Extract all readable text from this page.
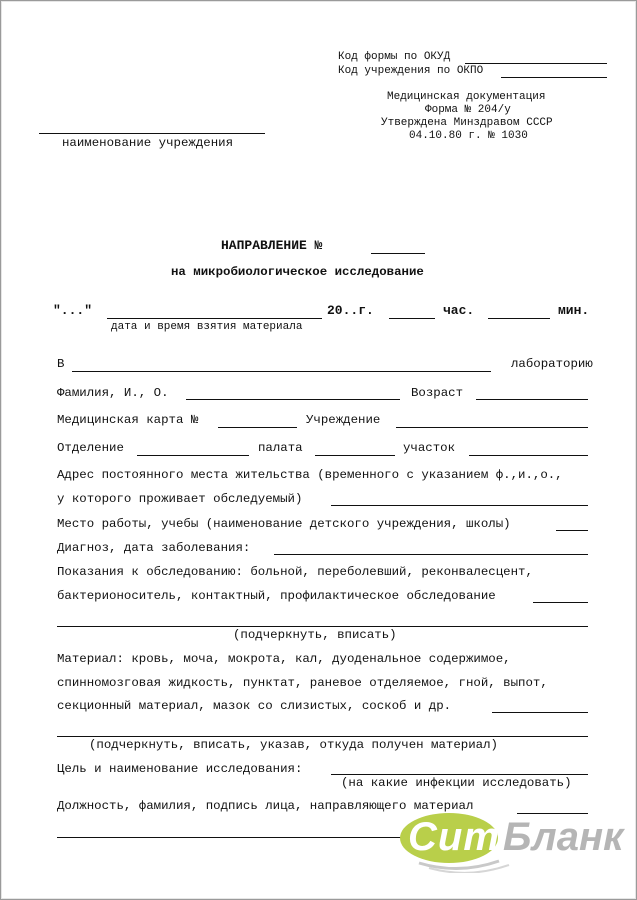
Код формы по ОКУД
Код учреждения по ОКПО
Медицинская документация
Форма № 204/у
Утверждена Минздравом СССР
04.10.80 г. № 1030
наименование учреждения
НАПРАВЛЕНИЕ №
на микробиологическое исследование
"..."	20..г.	час.	мин.
дата и время взятия материала
В	лабораторию
Фамилия, И., О.	Возраст
Медицинская карта №	Учреждение
Отделение	палата	участок
Адрес постоянного места жительства (временного с указанием ф.,и.,о.,
у которого проживает обследуемый)
Место работы, учебы (наименование детского учреждения, школы)
Диагноз, дата заболевания:
Показания к обследованию: больной, переболевший, реконвалесцент,
бактерионоситель, контактный, профилактическое обследование
(подчеркнуть, вписать)
Материал: кровь, моча, мокрота, кал, дуоденальное содержимое,
спинномозговая жидкость, пунктат, раневое отделяемое, гной, выпот,
секционный материал, мазок со слизистых, соскоб и др.
(подчеркнуть, вписать, указав, откуда получен материал)
Цель и наименование исследования:
(на какие инфекции исследовать)
Должность, фамилия, подпись лица, направляющего материал
Сити
Бланк
